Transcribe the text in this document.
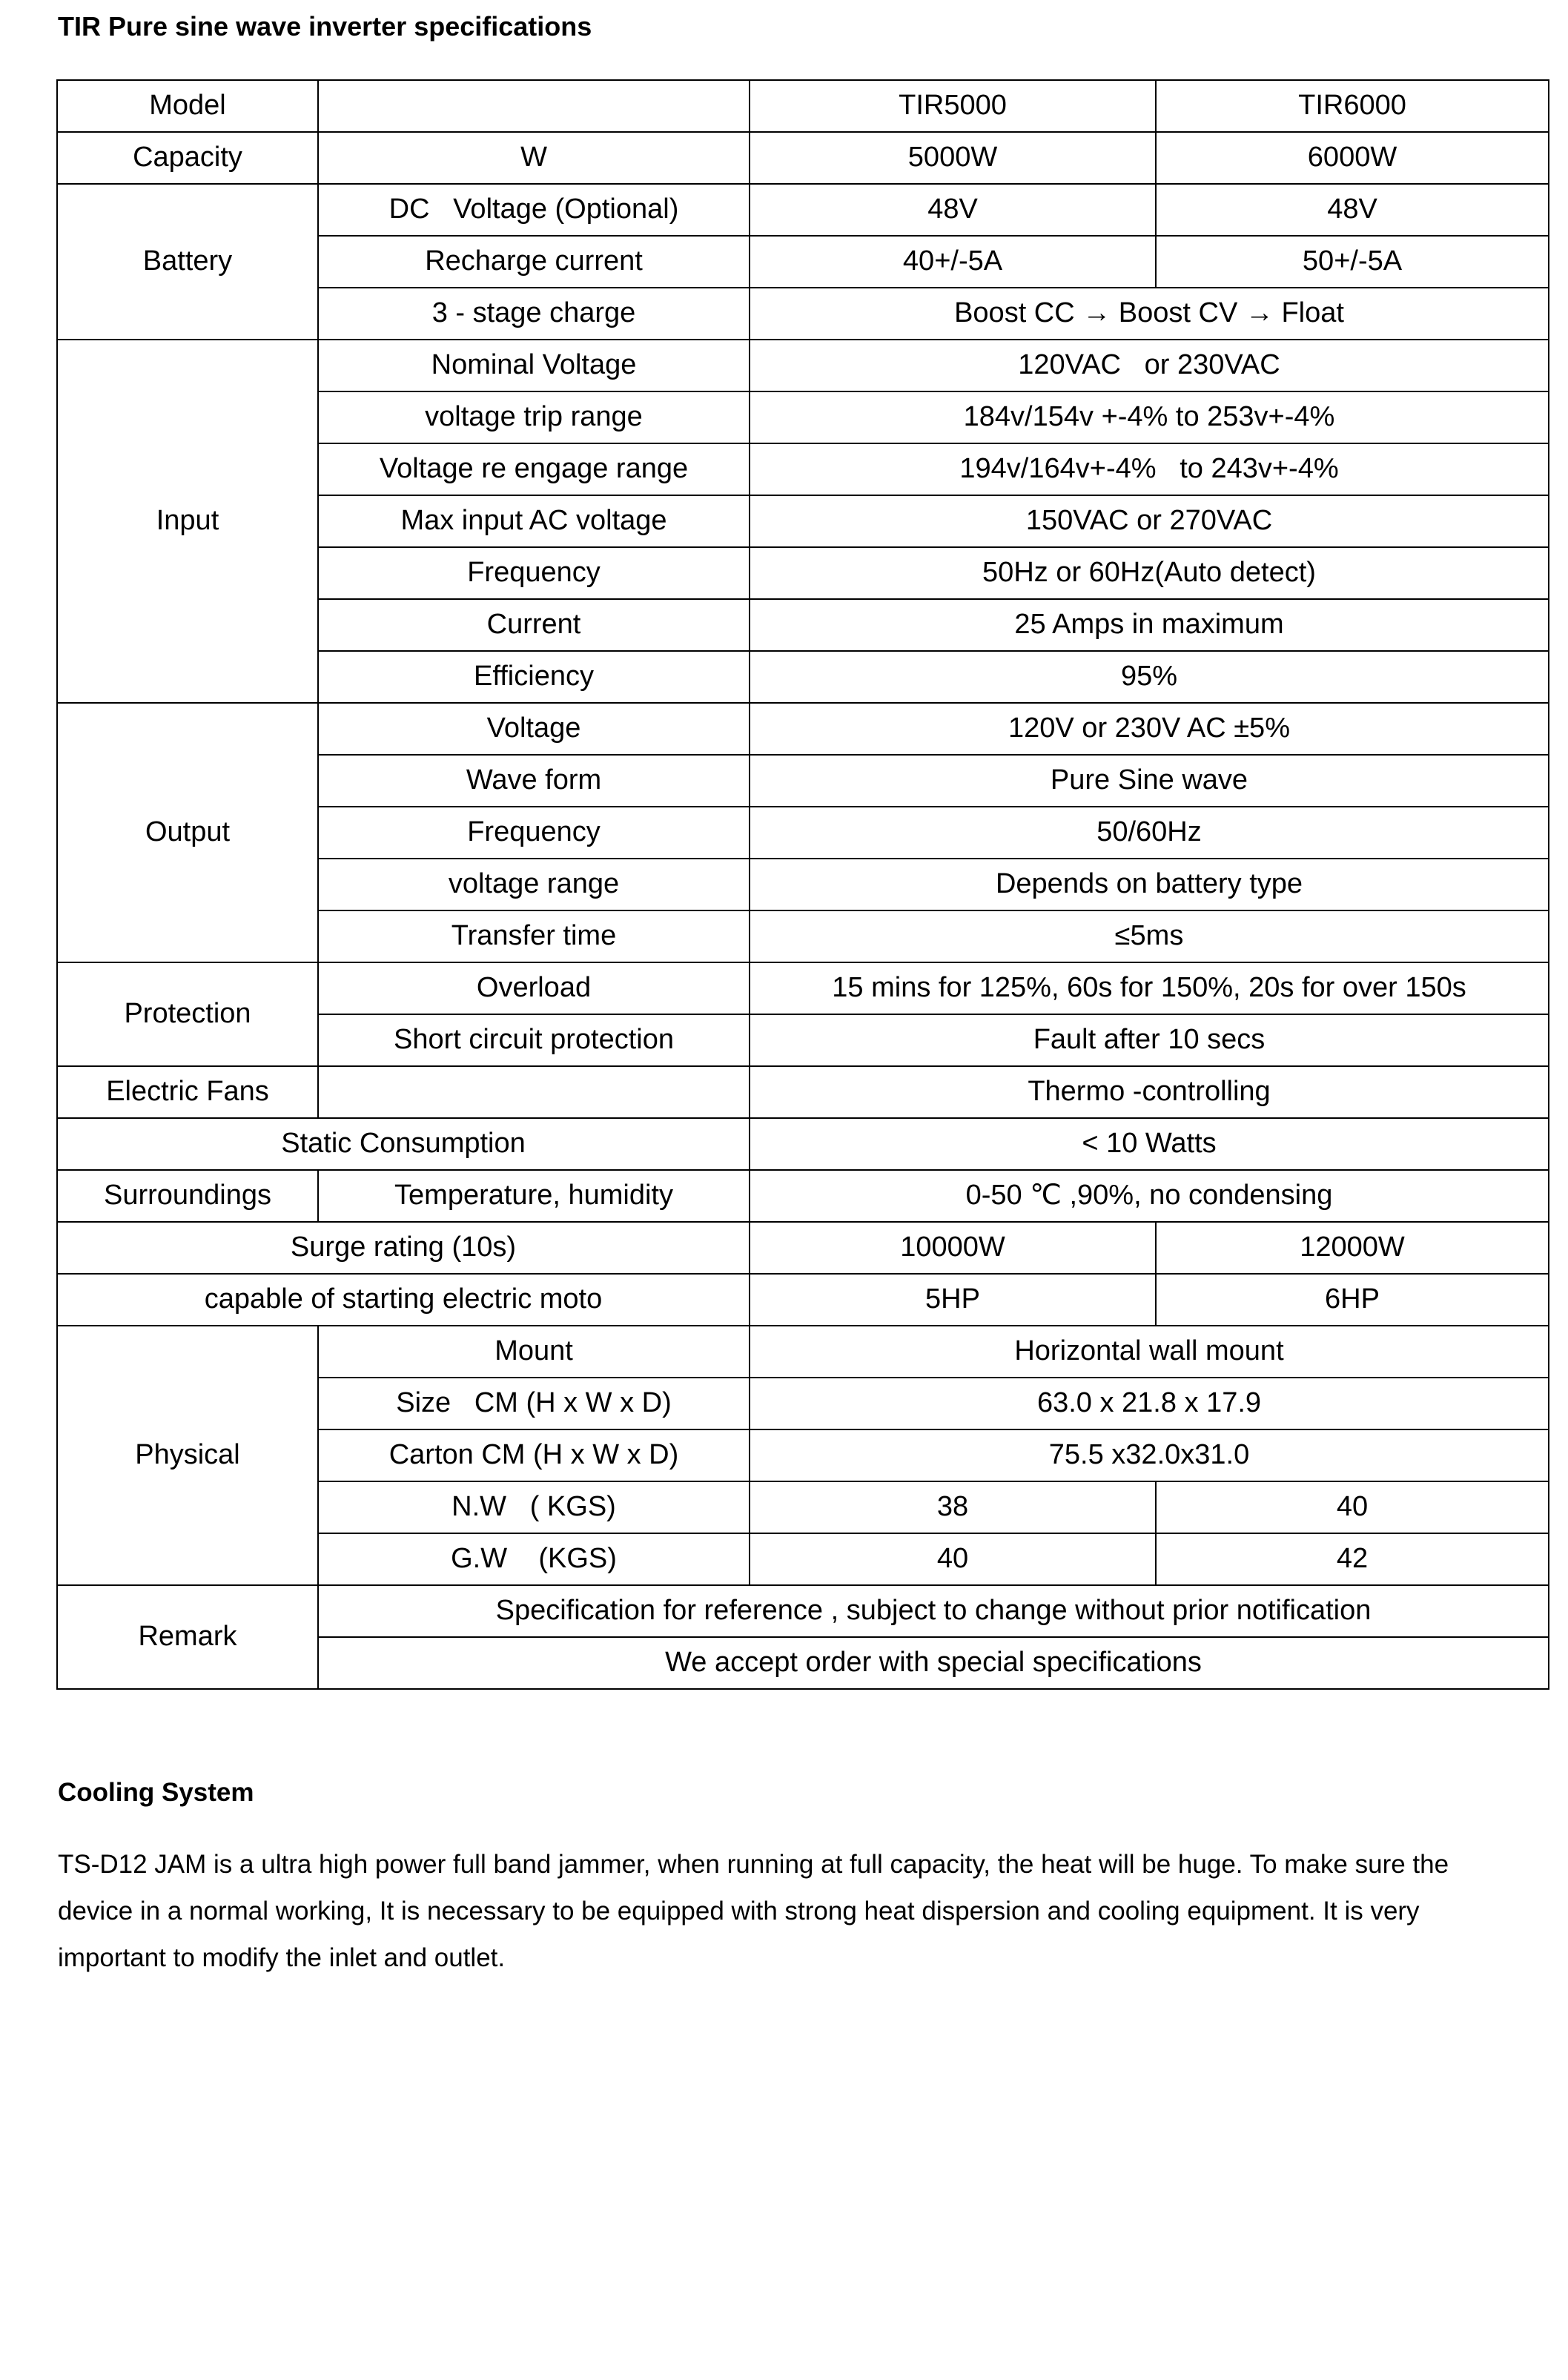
TIR Pure sine wave inverter specifications
Model		TIR5000	TIR6000
Capacity	W	5000W	6000W
Battery	DC   Voltage (Optional)	48V	48V
	Recharge current	40+/-5A	50+/-5A
	3 - stage charge	Boost CC → Boost CV → Float	
Input	Nominal Voltage	120VAC   or 230VAC	
	voltage trip range	184v/154v +-4% to 253v+-4%	
	Voltage re engage range	194v/164v+-4%   to 243v+-4%	
	Max input AC voltage	150VAC or 270VAC	
	Frequency	50Hz or 60Hz(Auto detect)	
	Current	25 Amps in maximum	
	Efficiency	95%	
Output	Voltage	120V or 230V AC ±5%	
	Wave form	Pure Sine wave	
	Frequency	50/60Hz	
	voltage range	Depends on battery type	
	Transfer time	≤5ms	
Protection	Overload	15 mins for 125%, 60s for 150%, 20s for over 150s	
	Short circuit protection	Fault after 10 secs	
Electric Fans		Thermo -controlling	
Static Consumption		< 10 Watts	
Surroundings	Temperature, humidity	0-50 ℃ ,90%, no condensing	
Surge rating (10s)		10000W	12000W
capable of starting electric moto		5HP	6HP
Physical	Mount	Horizontal wall mount	
	Size   CM (H x W x D)	63.0 x 21.8 x 17.9	
	Carton CM (H x W x D)	75.5 x32.0x31.0	
	N.W   ( KGS)	38	40
	G.W    (KGS)	40	42
Remark	Specification for reference , subject to change without prior notification		
	We accept order with special specifications		
Cooling System

TS-D12 JAM is a ultra high power full band jammer, when running at full capacity, the heat will be huge. To make sure the device in a normal working, It is necessary to be equipped with strong heat dispersion and cooling equipment. It is very important to modify the inlet and outlet.
